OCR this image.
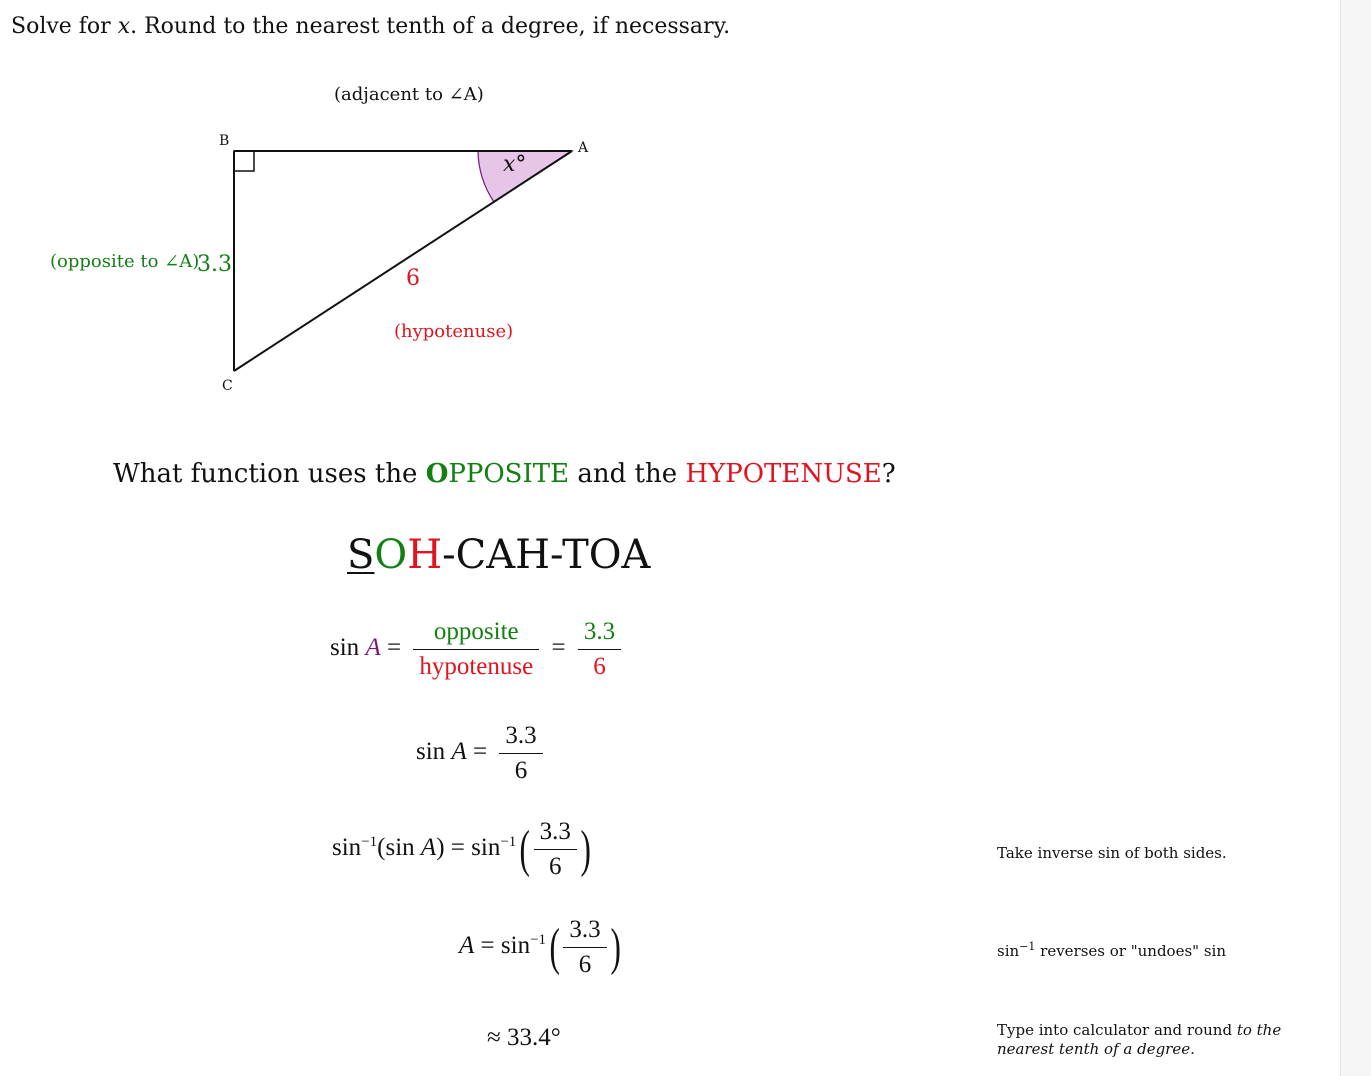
Solve for x. Round to the nearest tenth of a degree, if necessary.
(adjacent to ∠A)
A
B
C
x°
(opposite to ∠A)
3.3
6
(hypotenuse)
What function uses the OPPOSITE and the HYPOTENUSE?
SOH-CAH-TOA
$\sin A = \frac{\text{opposite}}{\text{hypotenuse}} = \frac{3.3}{6}$
$\sin A = \frac{3.3}{6}$
$\sin^{-1}(\sin$ $A) = \sin^{-1}( \frac{3.3}{6}$ )
$A = \sin^{-1}( \frac{3.3}{6}$ )
≈ 33.4°
Take inverse sin of both sides.
$\sin^{-1}$ reverses or "undoes" sin
Type into calculator and round to the
nearest tenth of a degree.
